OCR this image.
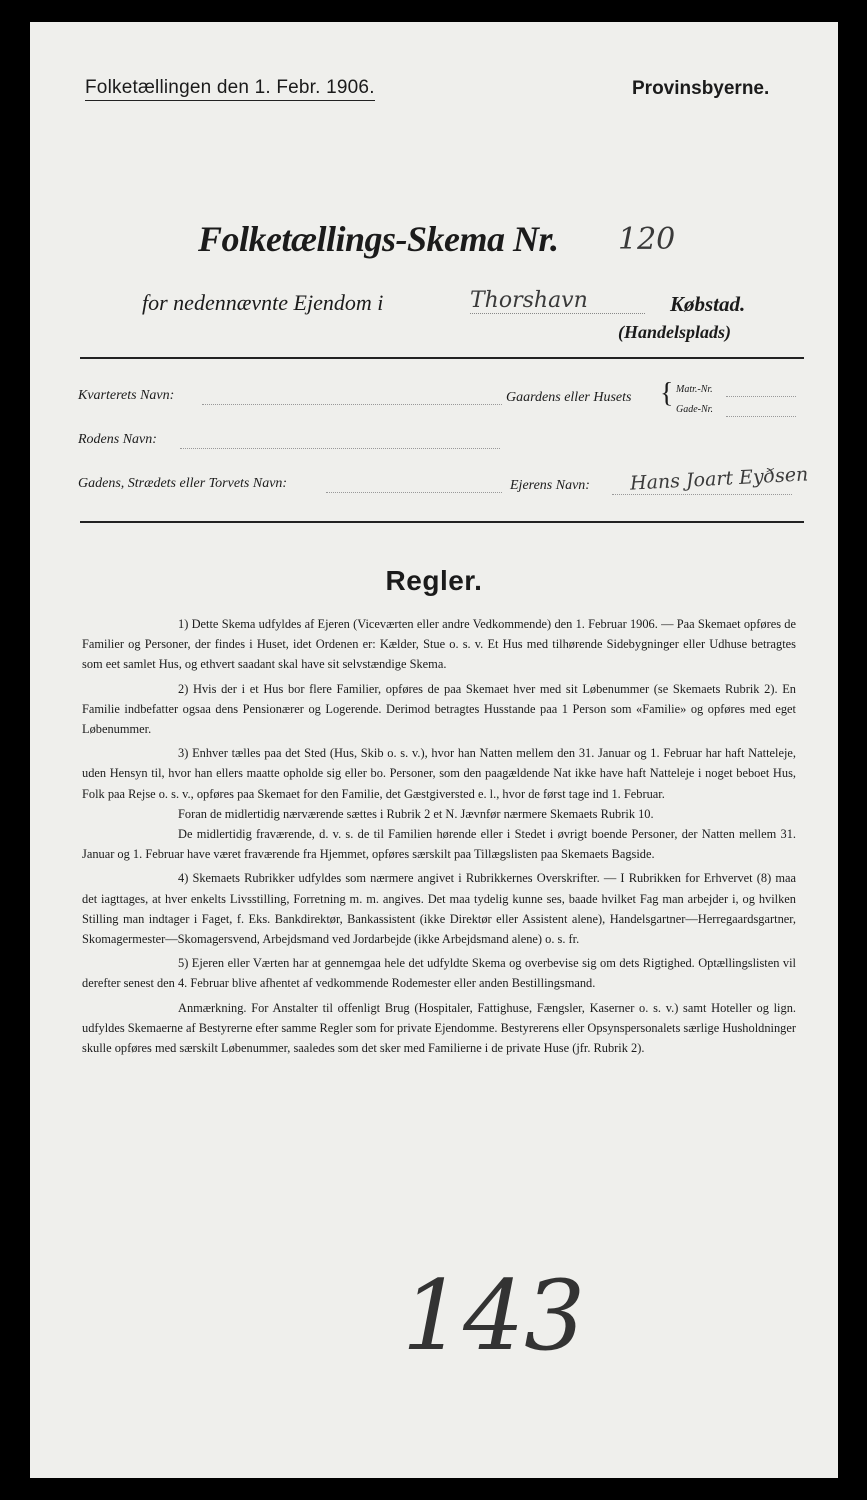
Folketællingen den 1. Febr. 1906.	Provinsbyerne.
Folketællings-Skema Nr. 120
for nedennævnte Ejendom i	Thorshavn	Købstad.
(Handelsplads)
Kvarterets Navn:	Gaardens eller Husets { Matr.-Nr.
Gade-Nr.
Rodens Navn:
Gadens, Strædets eller Torvets Navn:	Ejerens Navn: Hans Joart Eyðsen
Regler.

1) Dette Skema udfyldes af Ejeren (Viceværten eller andre Vedkommende) den 1. Februar 1906. — Paa Skemaet opføres de Familier og Personer, der findes i Huset, idet Ordenen er: Kælder, Stue o. s. v. Et Hus med tilhørende Sidebygninger eller Udhuse betragtes som eet samlet Hus, og ethvert saadant skal have sit selvstændige Skema.

2) Hvis der i et Hus bor flere Familier, opføres de paa Skemaet hver med sit Løbenummer (se Skemaets Rubrik 2). En Familie indbefatter ogsaa dens Pensionærer og Logerende. Derimod betragtes Husstande paa 1 Person som «Familie» og opføres med eget Løbenummer.

3) Enhver tælles paa det Sted (Hus, Skib o. s. v.), hvor han Natten mellem den 31. Januar og 1. Februar har haft Natteleje, uden Hensyn til, hvor han ellers maatte opholde sig eller bo. Personer, som den paagældende Nat ikke have haft Natteleje i noget beboet Hus, Folk paa Rejse o. s. v., opføres paa Skemaet for den Familie, det Gæstgiversted e. l., hvor de først tage ind 1. Februar.

Foran de midlertidig nærværende sættes i Rubrik 2 et N. Jævnfør nærmere Skemaets Rubrik 10.

De midlertidig fraværende, d. v. s. de til Familien hørende eller i Stedet i øvrigt boende Personer, der Natten mellem 31. Januar og 1. Februar have været fraværende fra Hjemmet, opføres særskilt paa Tillægslisten paa Skemaets Bagside.

4) Skemaets Rubrikker udfyldes som nærmere angivet i Rubrikkernes Overskrifter. — I Rubrikken for Erhvervet (8) maa det iagttages, at hver enkelts Livsstilling, Forretning m. m. angives. Det maa tydelig kunne ses, baade hvilket Fag man arbejder i, og hvilken Stilling man indtager i Faget, f. Eks. Bankdirektør, Bankassistent (ikke Direktør eller Assistent alene), Handelsgartner—Herregaardsgartner, Skomagermester—Skomagersvend, Arbejdsmand ved Jordarbejde (ikke Arbejdsmand alene) o. s. fr.

5) Ejeren eller Værten har at gennemgaa hele det udfyldte Skema og overbevise sig om dets Rigtighed. Optællingslisten vil derefter senest den 4. Februar blive afhentet af vedkommende Rodemester eller anden Bestillingsmand.

Anmærkning. For Anstalter til offenligt Brug (Hospitaler, Fattighuse, Fængsler, Kaserner o. s. v.) samt Hoteller og lign. udfyldes Skemaerne af Bestyrerne efter samme Regler som for private Ejendomme. Bestyrerens eller Opsynspersonalets særlige Husholdninger skulle opføres med særskilt Løbenummer, saaledes som det sker med Familierne i de private Huse (jfr. Rubrik 2).

143
